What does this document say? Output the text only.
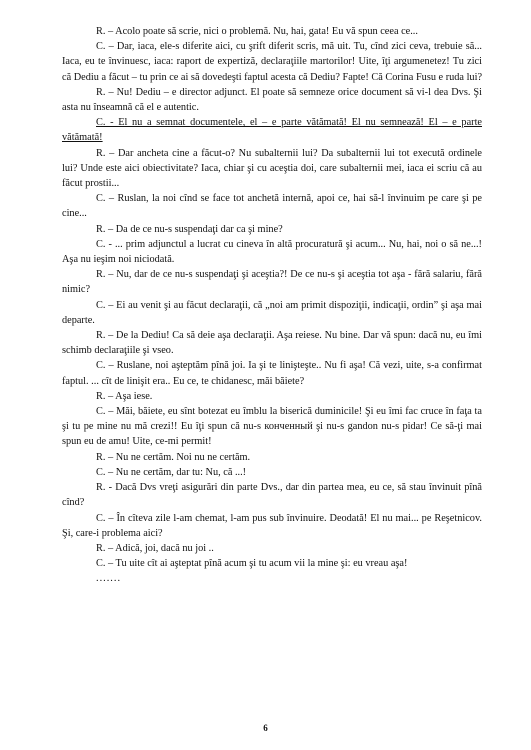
R. – Acolo poate să scrie, nici o problemă. Nu, hai, gata! Eu vă spun ceea ce...

C. – Dar, iaca, ele-s diferite aici, cu şrift diferit scris, mă uit. Tu, cînd zici ceva, trebuie să... Iaca, eu te învinuesc, iaca: raport de expertiză, declaraţiile martorilor! Uite, îţi argumenetez! Tu zici că Dediu a făcut – tu prin ce ai să dovedeşti faptul acesta că Dediu? Fapte! Că Corina Fusu e ruda lui?

R. – Nu! Dediu – e director adjunct. El poate să semneze orice document să vi-l dea Dvs. Şi asta nu înseamnă că el e autentic.

C. - El nu a semnat documentele, el – e parte vătămată! El nu semnează! El – e parte vătămată!

R. – Dar ancheta cine a făcut-o? Nu subalternii lui? Da subalternii lui tot execută ordinele lui? Unde este aici obiectivitate? Iaca, chiar şi cu aceştia doi, care subalternii mei, iaca ei scriu că au făcut prostii...

C. – Ruslan, la noi cînd se face tot anchetă internă, apoi ce, hai să-l învinuim pe care şi pe cine...

R. – Da de ce nu-s suspendaţi dar ca şi mine?

C. - ... prim adjunctul a lucrat cu cineva în altă procuratură şi acum... Nu, hai, noi o să ne...! Aşa nu ieşim noi niciodată.

R. – Nu, dar de ce nu-s suspendaţi şi aceştia?! De ce nu-s şi aceştia tot aşa - fără salariu, fără nimic?

C. – Ei au venit şi au făcut declaraţii, că „noi am primit dispoziţii, indicaţii, ordin” şi aşa mai departe.

R. – De la Dediu! Ca să deie aşa declaraţii. Aşa reiese. Nu bine. Dar vă spun: dacă nu, eu îmi schimb declaraţiile şi vseo.

C. – Ruslane, noi aşteptăm pînă joi. Ia şi te linişteşte.. Nu fi aşa! Că vezi, uite, s-a confirmat faptul. ... cît de linişit era.. Eu ce, te chidanesc, măi băiete?

R. – Aşa iese.

C. – Măi, băiete, eu sînt botezat eu îmblu la biserică duminicile! Şi eu îmi fac cruce în faţa ta şi tu pe mine nu mă crezi!! Eu îţi spun că nu-s конченный şi nu-s gandon nu-s pidar! Ce să-ţi mai spun eu de amu! Uite, ce-mi permit!

R. – Nu ne certăm. Noi nu ne certăm.

C. – Nu ne certăm, dar tu: Nu, că ...!

R. - Dacă Dvs vreţi asigurări din parte Dvs., dar din partea mea, eu ce, să stau învinuit pînă cînd?

C. – În cîteva zile l-am chemat, l-am pus sub învinuire. Deodată! El nu mai... pe Reşetnicov. Şi, care-i problema aici?

R. – Adică, joi, dacă nu joi ..

C. – Tu uite cît ai aşteptat pînă acum şi tu acum vii la mine şi: eu vreau aşa!

.......

6
